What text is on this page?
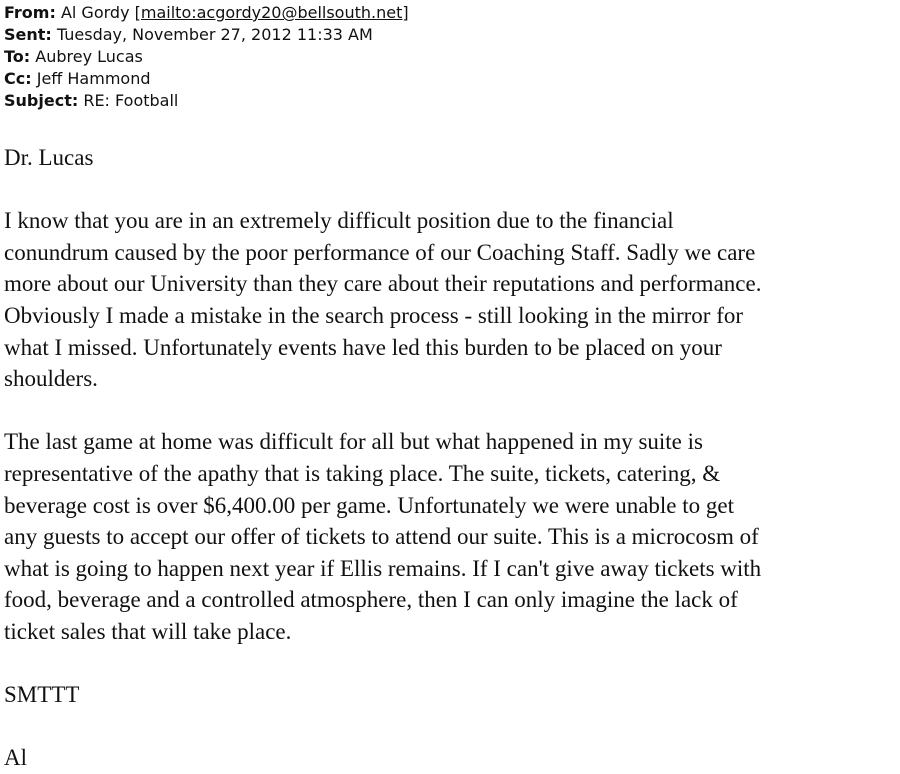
From: Al Gordy [mailto:acgordy20@bellsouth.net]
Sent: Tuesday, November 27, 2012 11:33 AM
To: Aubrey Lucas
Cc: Jeff Hammond
Subject: RE: Football
Dr. Lucas
I know that you are in an extremely difficult position due to the financial
conundrum caused by the poor performance of our Coaching Staff. Sadly we care
more about our University than they care about their reputations and performance.
Obviously I made a mistake in the search process - still looking in the mirror for
what I missed. Unfortunately events have led this burden to be placed on your
shoulders.
The last game at home was difficult for all but what happened in my suite is
representative of the apathy that is taking place. The suite, tickets, catering, &
beverage cost is over $6,400.00 per game. Unfortunately we were unable to get
any guests to accept our offer of tickets to attend our suite. This is a microcosm of
what is going to happen next year if Ellis remains. If I can't give away tickets with
food, beverage and a controlled atmosphere, then I can only imagine the lack of
ticket sales that will take place.
SMTTT
Al
